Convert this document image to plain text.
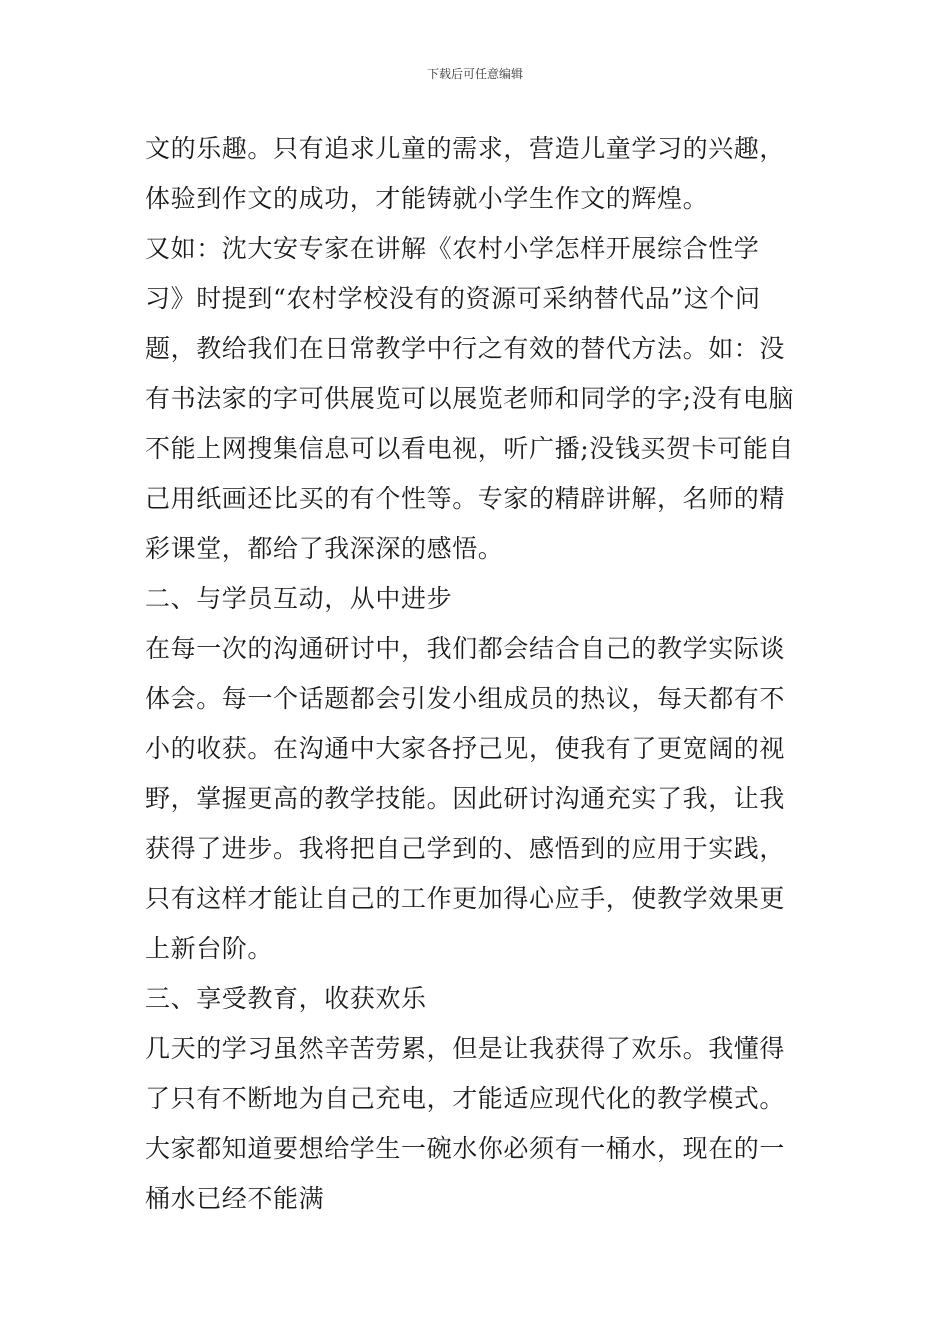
下载后可任意编辑
文的乐趣。只有追求儿童的需求，营造儿童学习的兴趣，
体验到作文的成功，才能铸就小学生作文的辉煌。
又如：沈大安专家在讲解《农村小学怎样开展综合性学
习》时提到“农村学校没有的资源可采纳替代品”这个问
题，教给我们在日常教学中行之有效的替代方法。如：没
有书法家的字可供展览可以展览老师和同学的字;没有电脑
不能上网搜集信息可以看电视，听广播;没钱买贺卡可能自
己用纸画还比买的有个性等。专家的精辟讲解，名师的精
彩课堂，都给了我深深的感悟。
二、与学员互动，从中进步
在每一次的沟通研讨中，我们都会结合自己的教学实际谈
体会。每一个话题都会引发小组成员的热议，每天都有不
小的收获。在沟通中大家各抒己见，使我有了更宽阔的视
野，掌握更高的教学技能。因此研讨沟通充实了我，让我
获得了进步。我将把自己学到的、感悟到的应用于实践，
只有这样才能让自己的工作更加得心应手，使教学效果更
上新台阶。
三、享受教育，收获欢乐
几天的学习虽然辛苦劳累，但是让我获得了欢乐。我懂得
了只有不断地为自己充电，才能适应现代化的教学模式。
大家都知道要想给学生一碗水你必须有一桶水，现在的一
桶水已经不能满
